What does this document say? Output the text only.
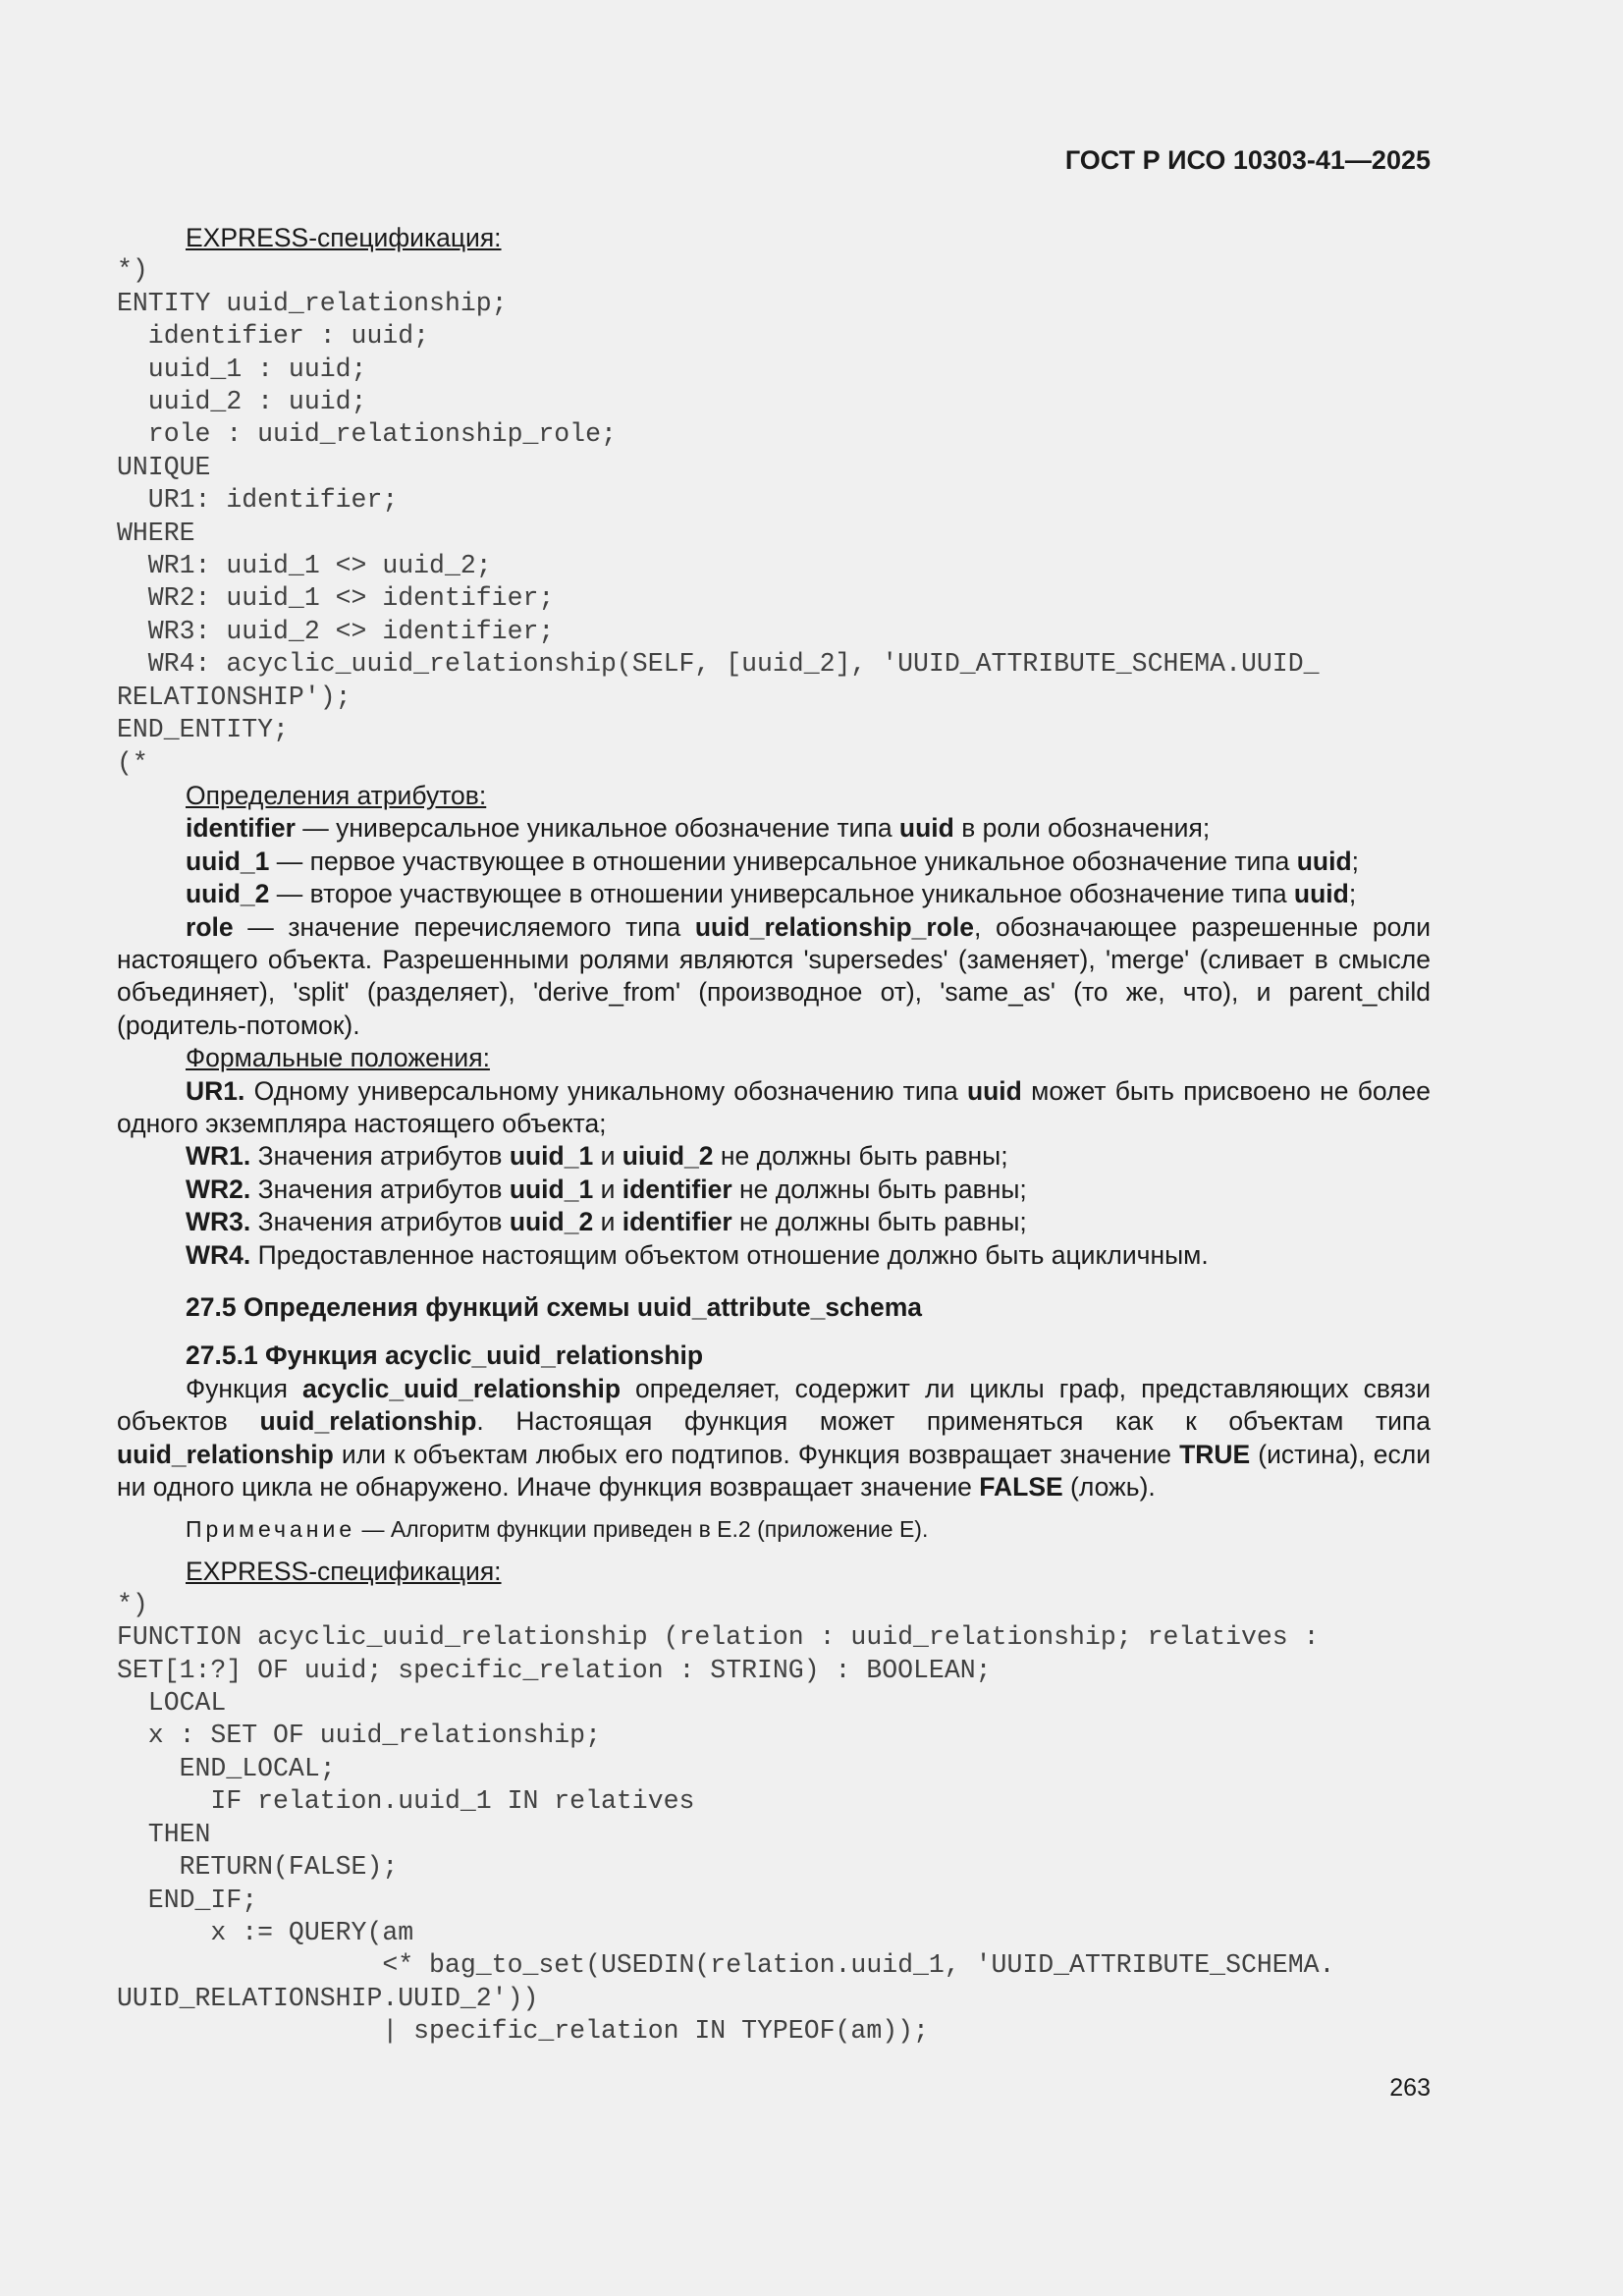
ГОСТ Р ИСО 10303-41—2025

EXPRESS-спецификация:

*)
ENTITY uuid_relationship;
identifier : uuid;
uuid_1 : uuid;
uuid_2 : uuid;
role : uuid_relationship_role;
UNIQUE
UR1: identifier;
WHERE
WR1: uuid_1 <> uuid_2;
WR2: uuid_1 <> identifier;
WR3: uuid_2 <> identifier;
WR4: acyclic_uuid_relationship(SELF, [uuid_2], 'UUID_ATTRIBUTE_SCHEMA.UUID_
RELATIONSHIP');
END_ENTITY;
(*

Определения атрибутов:

identifier — универсальное уникальное обозначение типа uuid в роли обозначения;

uuid_1 — первое участвующее в отношении универсальное уникальное обозначение типа uuid;

uuid_2 — второе участвующее в отношении универсальное уникальное обозначение типа uuid;

role — значение перечисляемого типа uuid_relationship_role, обозначающее разрешенные роли настоящего объекта. Разрешенными ролями являются 'supersedes' (заменяет), 'merge' (сливает в смысле объединяет), 'split' (разделяет), 'derive_from' (производное от), 'same_as' (то же, что), и parent_child (родитель-потомок).

Формальные положения:

UR1. Одному универсальному уникальному обозначению типа uuid может быть присвоено не более одного экземпляра настоящего объекта;

WR1. Значения атрибутов uuid_1 и uiuid_2 не должны быть равны;

WR2. Значения атрибутов uuid_1 и identifier не должны быть равны;

WR3. Значения атрибутов uuid_2 и identifier не должны быть равны;

WR4. Предоставленное настоящим объектом отношение должно быть ацикличным.

27.5 Определения функций схемы uuid_attribute_schema

27.5.1 Функция acyclic_uuid_relationship

Функция acyclic_uuid_relationship определяет, содержит ли циклы граф, представляющих связи объектов uuid_relationship. Настоящая функция может применяться как к объектам типа uuid_relationship или к объектам любых его подтипов. Функция возвращает значение TRUE (истина), если ни одного цикла не обнаружено. Иначе функция возвращает значение FALSE (ложь).

Примечание — Алгоритм функции приведен в Е.2 (приложение Е).

EXPRESS-спецификация:

*)
FUNCTION acyclic_uuid_relationship (relation : uuid_relationship; relatives :
SET[1:?] OF uuid; specific_relation : STRING) : BOOLEAN;
LOCAL
x : SET OF uuid_relationship;
END_LOCAL;
IF relation.uuid_1 IN relatives
THEN
RETURN(FALSE);
END_IF;
x := QUERY(am
<* bag_to_set(USEDIN(relation.uuid_1, 'UUID_ATTRIBUTE_SCHEMA.
UUID_RELATIONSHIP.UUID_2'))
| specific_relation IN TYPEOF(am));
263
